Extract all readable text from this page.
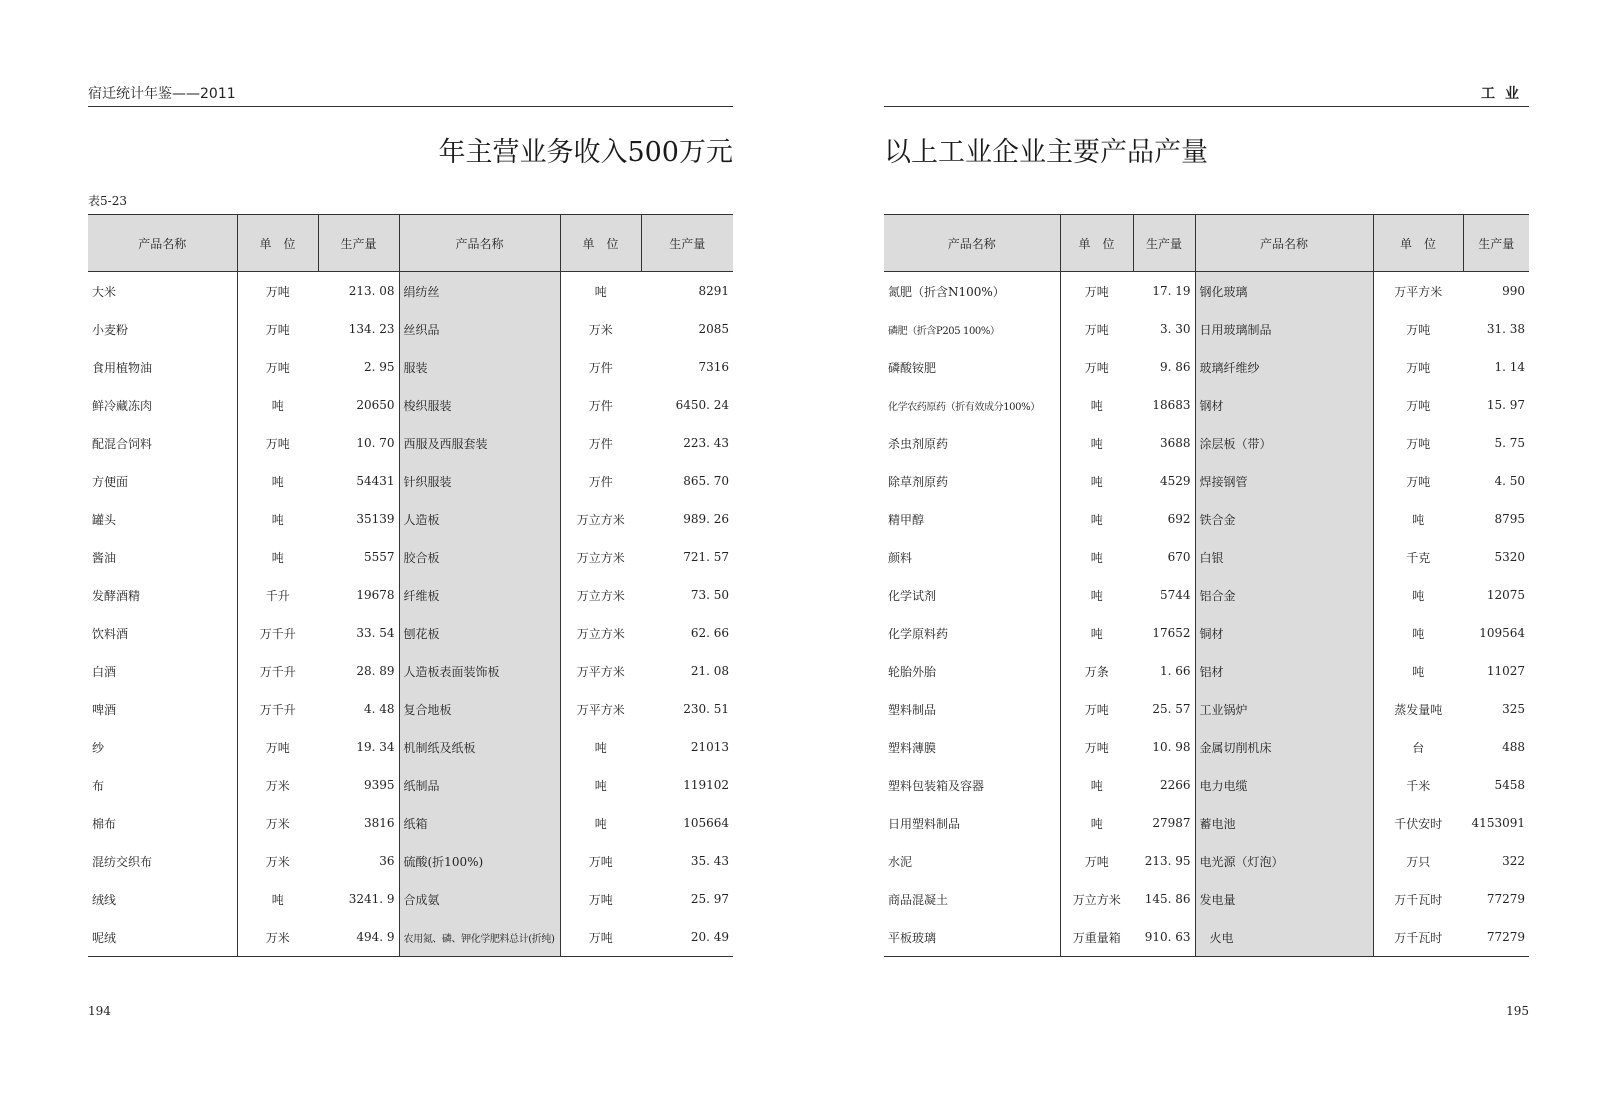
宿迁统计年鉴——2011
年主营业务收入500万元
表5-23
产品名称	单　位	生产量	产品名称	单　位	生产量
大米	万吨	213. 08	绢纺丝	吨	8291
小麦粉	万吨	134. 23	丝织品	万米	2085
食用植物油	万吨	2. 95	服装	万件	7316
鲜冷藏冻肉	吨	20650	梭织服装	万件	6450. 24
配混合饲料	万吨	10. 70	西服及西服套装	万件	223. 43
方便面	吨	54431	针织服装	万件	865. 70
罐头	吨	35139	人造板	万立方米	989. 26
酱油	吨	5557	胶合板	万立方米	721. 57
发酵酒精	千升	19678	纤维板	万立方米	73. 50
饮料酒	万千升	33. 54	刨花板	万立方米	62. 66
白酒	万千升	28. 89	人造板表面装饰板	万平方米	21. 08
啤酒	万千升	4. 48	复合地板	万平方米	230. 51
纱	万吨	19. 34	机制纸及纸板	吨	21013
布	万米	9395	纸制品	吨	119102
棉布	万米	3816	纸箱	吨	105664
混纺交织布	万米	36	硫酸(折100%)	万吨	35. 43
绒线	吨	3241. 9	合成氨	万吨	25. 97
呢绒	万米	494. 9	农用氮、磷、钾化学肥料总计(折纯)	万吨	20. 49
194
工业
以上工业企业主要产品产量
产品名称	单　位	生产量	产品名称	单　位	生产量
氮肥（折含N100%）	万吨	17. 19	钢化玻璃	万平方米	990
磷肥（折含P205 100%）	万吨	3. 30	日用玻璃制品	万吨	31. 38
磷酸铵肥	万吨	9. 86	玻璃纤维纱	万吨	1. 14
化学农药原药（折有效成分100%）	吨	18683	钢材	万吨	15. 97
杀虫剂原药	吨	3688	涂层板（带）	万吨	5. 75
除草剂原药	吨	4529	焊接钢管	万吨	4. 50
精甲醇	吨	692	铁合金	吨	8795
颜料	吨	670	白银	千克	5320
化学试剂	吨	5744	铝合金	吨	12075
化学原料药	吨	17652	铜材	吨	109564
轮胎外胎	万条	1. 66	铝材	吨	11027
塑料制品	万吨	25. 57	工业锅炉	蒸发量吨	325
塑料薄膜	万吨	10. 98	金属切削机床	台	488
塑料包装箱及容器	吨	2266	电力电缆	千米	5458
日用塑料制品	吨	27987	蓄电池	千伏安时	4153091
水泥	万吨	213. 95	电光源（灯泡）	万只	322
商品混凝土	万立方米	145. 86	发电量	万千瓦时	77279
平板玻璃	万重量箱	910. 63	火电	万千瓦时	77279
195
